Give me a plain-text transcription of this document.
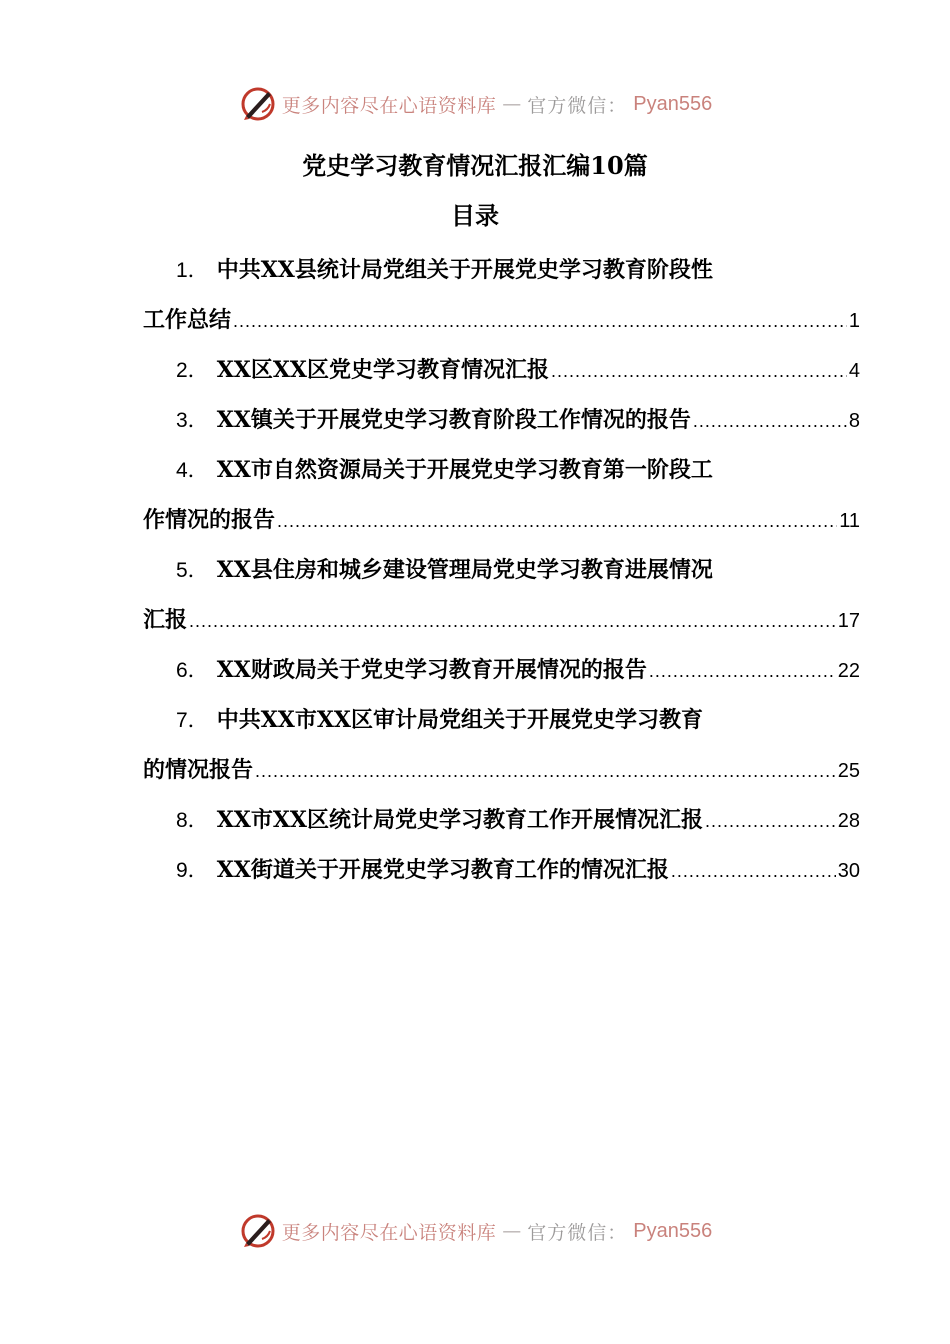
更多内容尽在心语资料库 — 官方微信： Pyan556
党史学习教育情况汇报汇编10篇
目录
1． 中共XX县统计局党组关于开展党史学习教育阶段性
工作总结 .....	1
2． XX区XX区党史学习教育情况汇报 .....	4
3． XX镇关于开展党史学习教育阶段工作情况的报告 .....	8
4． XX市自然资源局关于开展党史学习教育第一阶段工
作情况的报告 .....	11
5． XX县住房和城乡建设管理局党史学习教育进展情况
汇报 .....	17
6． XX财政局关于党史学习教育开展情况的报告 .....	22
7． 中共XX市XX区审计局党组关于开展党史学习教育
的情况报告 .....	25
8． XX市XX区统计局党史学习教育工作开展情况汇报 .....	28
9． XX街道关于开展党史学习教育工作的情况汇报 .....	30
更多内容尽在心语资料库 — 官方微信： Pyan556
